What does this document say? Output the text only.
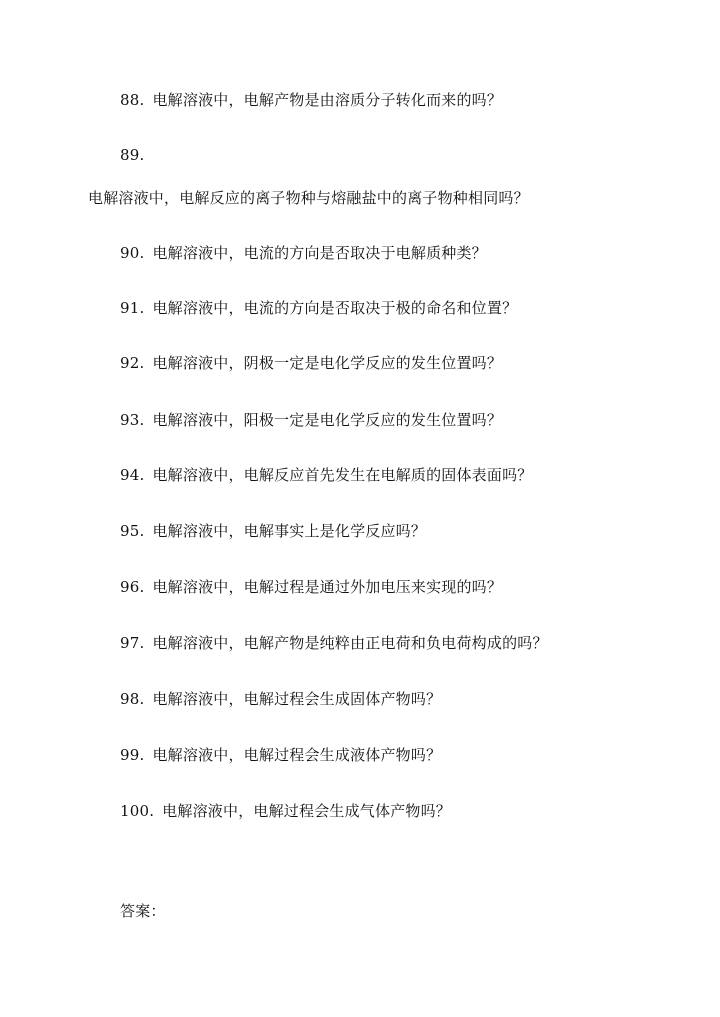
88. 电解溶液中，电解产物是由溶质分子转化而来的吗？
89.
电解溶液中，电解反应的离子物种与熔融盐中的离子物种相同吗？
90. 电解溶液中，电流的方向是否取决于电解质种类？
91. 电解溶液中，电流的方向是否取决于极的命名和位置？
92. 电解溶液中，阴极一定是电化学反应的发生位置吗？
93. 电解溶液中，阳极一定是电化学反应的发生位置吗？
94. 电解溶液中，电解反应首先发生在电解质的固体表面吗？
95. 电解溶液中，电解事实上是化学反应吗？
96. 电解溶液中，电解过程是通过外加电压来实现的吗？
97. 电解溶液中，电解产物是纯粹由正电荷和负电荷构成的吗？
98. 电解溶液中，电解过程会生成固体产物吗？
99. 电解溶液中，电解过程会生成液体产物吗？
100. 电解溶液中，电解过程会生成气体产物吗？
答案：
